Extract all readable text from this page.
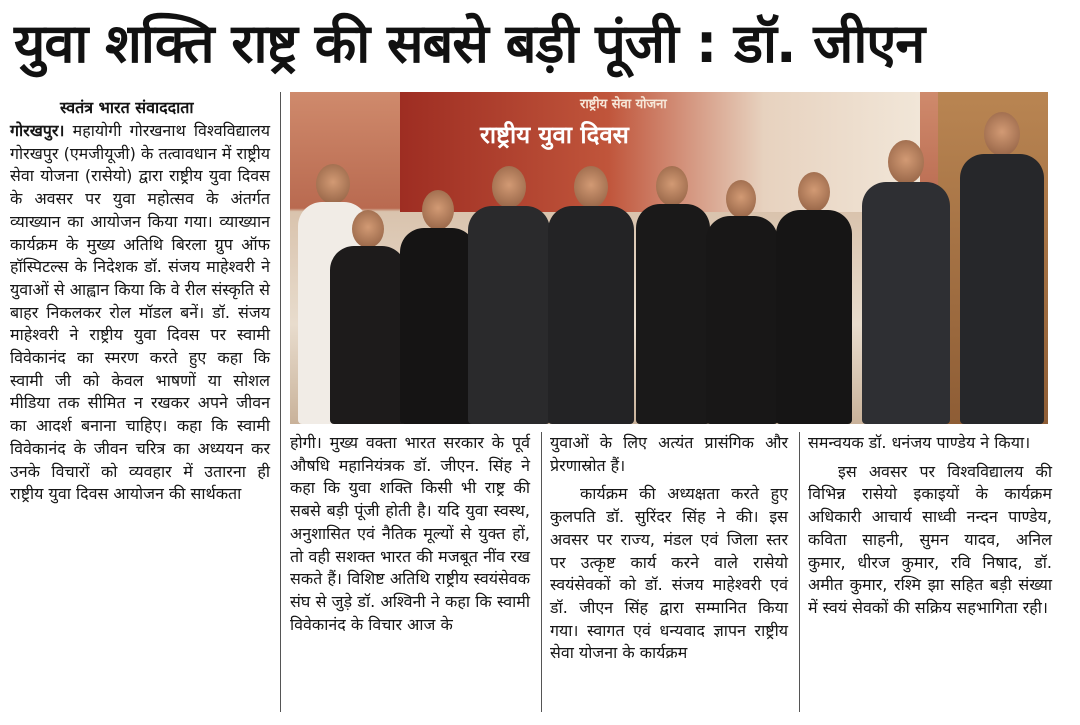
युवा शक्ति राष्ट्र की सबसे बड़ी पूंजी : डॉ. जीएन
स्वतंत्र भारत संवाददाता	राष्ट्रीय सेवा योजना
राष्ट्रीय युवा दिवस

गोरखपुर। महायोगी गोरखनाथ विश्वविद्यालय गोरखपुर (एमजीयूजी) के तत्वावधान में राष्ट्रीय सेवा योजना (रासेयो) द्वारा राष्ट्रीय युवा दिवस के अवसर पर युवा महोत्सव के अंतर्गत व्याख्यान का आयोजन किया गया। व्याख्यान कार्यक्रम के मुख्य अतिथि बिरला ग्रुप ऑफ हॉस्पिटल्स के निदेशक डॉ. संजय माहेश्वरी ने युवाओं से आह्वान किया कि वे रील संस्कृति से बाहर निकलकर रोल मॉडल बनें। डॉ. संजय माहेश्वरी ने राष्ट्रीय युवा दिवस पर स्वामी विवेकानंद का स्मरण करते हुए कहा कि स्वामी जी को केवल भाषणों या सोशल मीडिया तक सीमित न रखकर अपने जीवन का आदर्श बनाना चाहिए। कहा कि स्वामी विवेकानंद के जीवन चरित्र का अध्ययन कर उनके विचारों को व्यवहार में उतारना ही राष्ट्रीय युवा दिवस आयोजन की सार्थकता

होगी। मुख्य वक्ता भारत सरकार के पूर्व औषधि महानियंत्रक डॉ. जीएन. सिंह ने कहा कि युवा शक्ति किसी भी राष्ट्र की सबसे बड़ी पूंजी होती है। यदि युवा स्वस्थ, अनुशासित एवं नैतिक मूल्यों से युक्त हों, तो वही सशक्त भारत की मजबूत नींव रख सकते हैं। विशिष्ट अतिथि राष्ट्रीय स्वयंसेवक संघ से जुड़े डॉ. अश्विनी ने कहा कि स्वामी विवेकानंद के विचार आज के

युवाओं के लिए अत्यंत प्रासंगिक और प्रेरणास्रोत हैं।

कार्यक्रम की अध्यक्षता करते हुए कुलपति डॉ. सुरिंदर सिंह ने की। इस अवसर पर राज्य, मंडल एवं जिला स्तर पर उत्कृष्ट कार्य करने वाले रासेयो स्वयंसेवकों को डॉ. संजय माहेश्वरी एवं डॉ. जीएन सिंह द्वारा सम्मानित किया गया। स्वागत एवं धन्यवाद ज्ञापन राष्ट्रीय सेवा योजना के कार्यक्रम

समन्वयक डॉ. धनंजय पाण्डेय ने किया।

इस अवसर पर विश्वविद्यालय की विभिन्न रासेयो इकाइयों के कार्यक्रम अधिकारी आचार्य साध्वी नन्दन पाण्डेय, कविता साहनी, सुमन यादव, अनिल कुमार, धीरज कुमार, रवि निषाद, डॉ. अमीत कुमार, रश्मि झा सहित बड़ी संख्या में स्वयं सेवकों की सक्रिय सहभागिता रही।
